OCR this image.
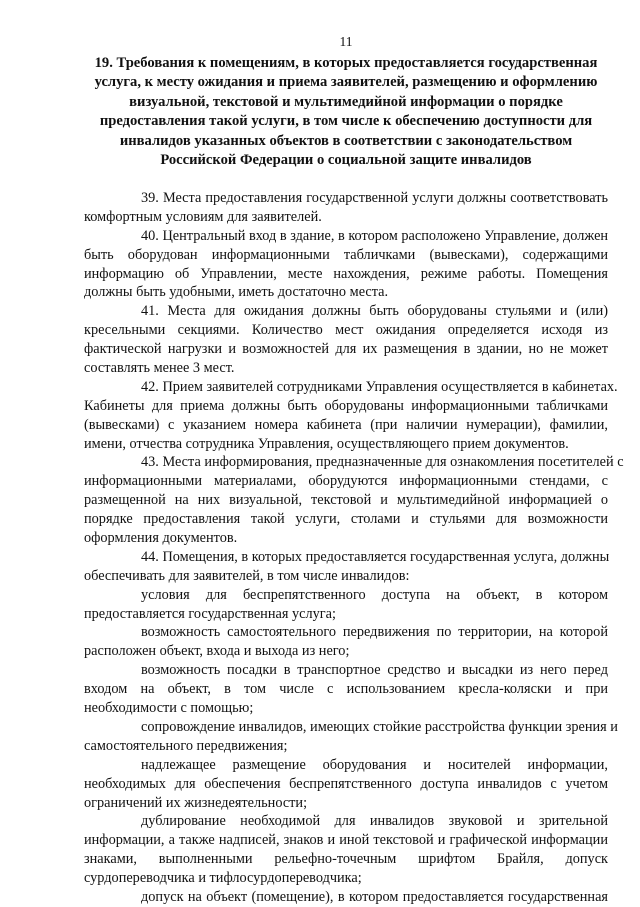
11
19. Требования к помещениям, в которых предоставляется государственная
услуга, к месту ожидания и приема заявителей, размещению и оформлению
визуальной, текстовой и мультимедийной информации о порядке
предоставления такой услуги, в том числе к обеспечению доступности для
инвалидов указанных объектов в соответствии с законодательством
Российской Федерации о социальной защите инвалидов
39. Места предоставления государственной услуги должны соответствовать
комфортным условиям для заявителей.
40. Центральный вход в здание, в котором расположено Управление, должен
быть оборудован информационными табличками (вывесками), содержащими
информацию об Управлении, месте нахождения, режиме работы. Помещения
должны быть удобными, иметь достаточно места.
41. Места для ожидания должны быть оборудованы стульями и (или)
кресельными секциями. Количество мест ожидания определяется исходя из
фактической нагрузки и возможностей для их размещения в здании, но не может
составлять менее 3 мест.
42. Прием заявителей сотрудниками Управления осуществляется в кабинетах.
Кабинеты для приема должны быть оборудованы информационными табличками
(вывесками) с указанием номера кабинета (при наличии нумерации), фамилии,
имени, отчества сотрудника Управления, осуществляющего прием документов.
43. Места информирования, предназначенные для ознакомления посетителей с
информационными материалами, оборудуются информационными стендами, с
размещенной на них визуальной, текстовой и мультимедийной информацией о
порядке предоставления такой услуги, столами и стульями для возможности
оформления документов.
44. Помещения, в которых предоставляется государственная услуга, должны
обеспечивать для заявителей, в том числе инвалидов:
условия для беспрепятственного доступа на объект, в котором
предоставляется государственная услуга;
возможность самостоятельного передвижения по территории, на которой
расположен объект, входа и выхода из него;
возможность посадки в транспортное средство и высадки из него перед
входом на объект, в том числе с использованием кресла-коляски и при
необходимости с помощью;
сопровождение инвалидов, имеющих стойкие расстройства функции зрения и
самостоятельного передвижения;
надлежащее размещение оборудования и носителей информации,
необходимых для обеспечения беспрепятственного доступа инвалидов с учетом
ограничений их жизнедеятельности;
дублирование необходимой для инвалидов звуковой и зрительной
информации, а также надписей, знаков и иной текстовой и графической информации
знаками, выполненными рельефно-точечным шрифтом Брайля, допуск
сурдопереводчика и тифлосурдопереводчика;
допуск на объект (помещение), в котором предоставляется государственная
